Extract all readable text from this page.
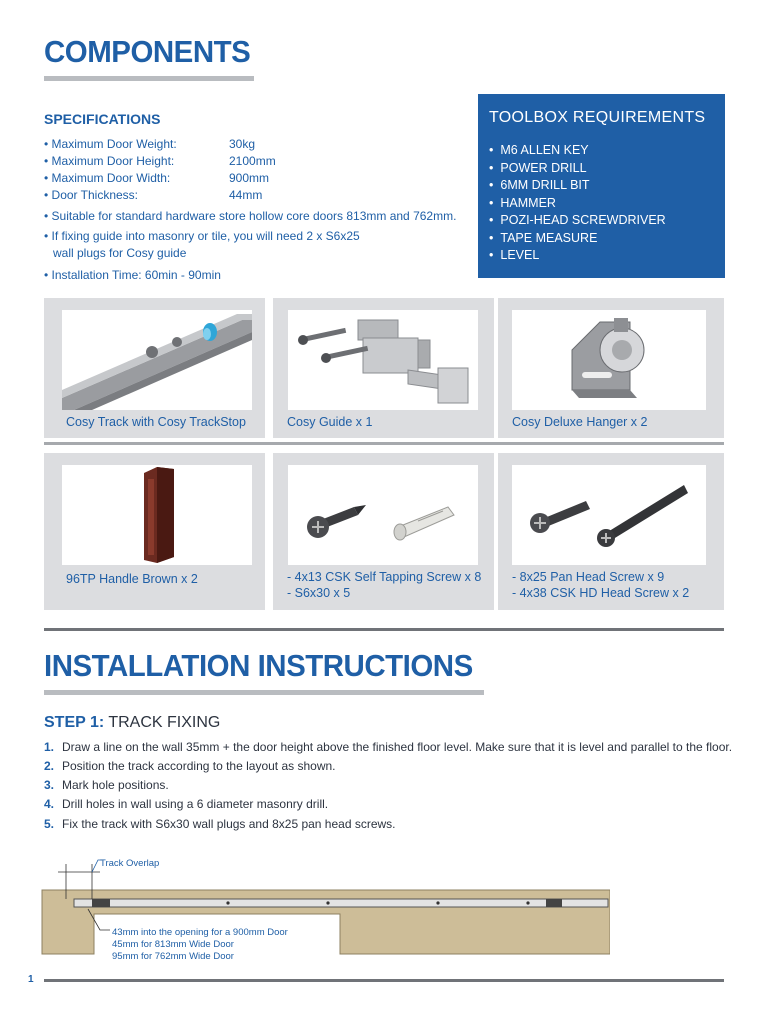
COMPONENTS
SPECIFICATIONS
• Maximum Door Weight:	30kg
• Maximum Door Height:	2100mm
• Maximum Door Width:	900mm
• Door Thickness:	44mm
• Suitable for standard hardware store hollow core doors 813mm and 762mm.
• If fixing guide into masonry or tile, you will need 2 x S6x25
wall plugs for Cosy guide
• Installation Time: 60min - 90min
TOOLBOX REQUIREMENTS
• M6 ALLEN KEY
• POWER DRILL
• 6MM DRILL BIT
• HAMMER
• POZI-HEAD SCREWDRIVER
• TAPE MEASURE
• LEVEL
Cosy Track with Cosy TrackStop	Cosy Guide x 1	Cosy Deluxe Hanger x 2
96TP Handle Brown x 2	- 4x13 CSK Self Tapping Screw x 8
- S6x30 x 5
- 8x25 Pan Head Screw x 9
- 4x38 CSK HD Head Screw x 2
INSTALLATION INSTRUCTIONS
STEP 1: TRACK FIXING
1. Draw a line on the wall 35mm + the door height above the finished floor level. Make sure that it is level and parallel to the floor.
2. Position the track according to the layout as shown.
3. Mark hole positions.
4. Drill holes in wall using a 6 diameter masonry drill.
5. Fix the track with S6x30 wall plugs and 8x25 pan head screws.
Track Overlap
43mm into the opening for a 900mm Door
45mm for 813mm Wide Door
95mm for 762mm Wide Door
1
